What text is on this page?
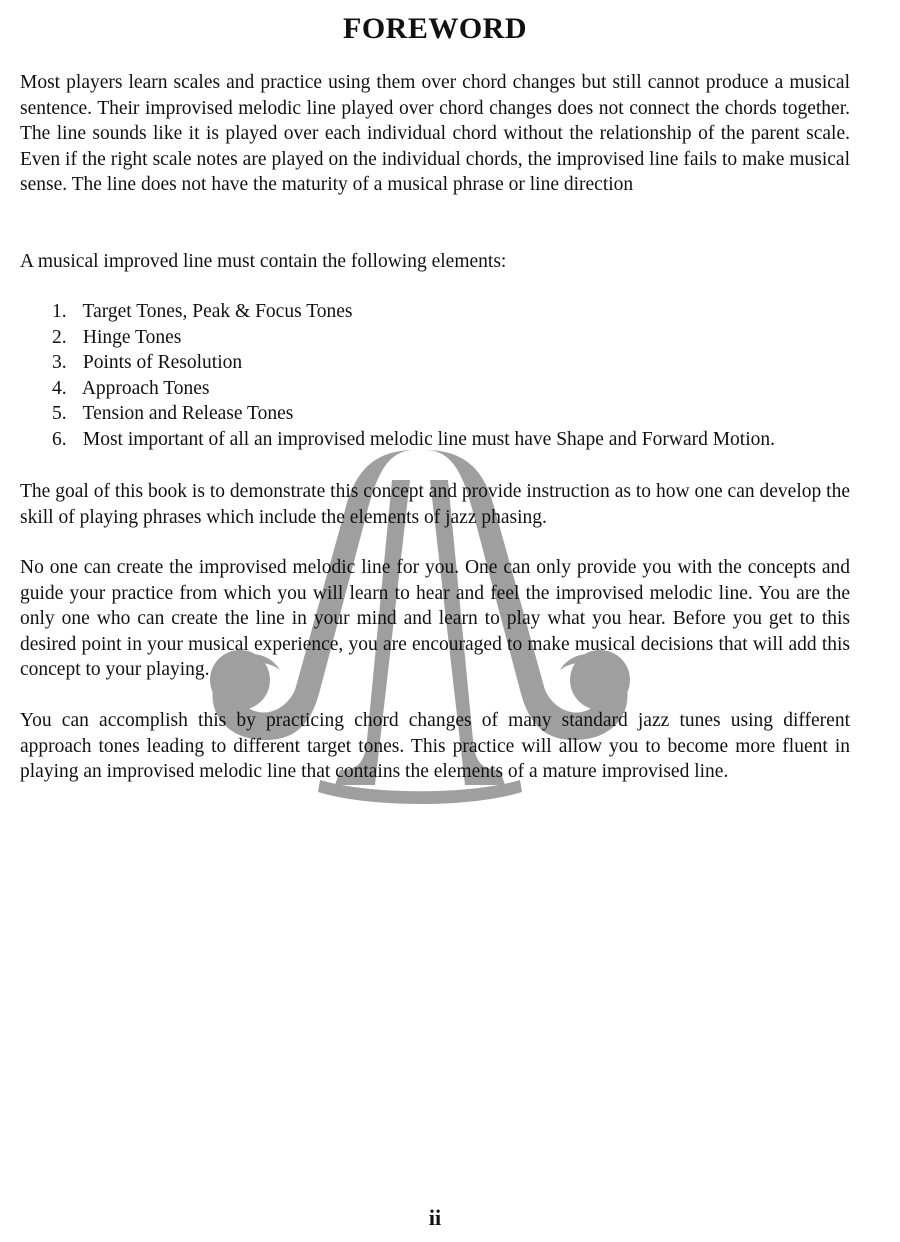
FOREWORD

Most players learn scales and practice using them over chord changes but still cannot produce a musical sentence. Their improvised melodic line played over chord changes does not connect the chords together. The line sounds like it is played over each individual chord without the relationship of the parent scale. Even if the right scale notes are played on the individual chords, the improvised line fails to make musical sense. The line does not have the maturity of a musical phrase or line direction

A musical improved line must contain the following elements:

1. Target Tones, Peak & Focus Tones
2. Hinge Tones
3. Points of Resolution
4. Approach Tones
5. Tension and Release Tones
6. Most important of all an improvised melodic line must have Shape and Forward Motion.

The goal of this book is to demonstrate this concept and provide instruction as to how one can develop the skill of playing phrases which include the elements of jazz phasing.

No one can create the improvised melodic line for you. One can only provide you with the concepts and guide your practice from which you will learn to hear and feel the improvised melodic line. You are the only one who can create the line in your mind and learn to play what you hear. Before you get to this desired point in your musical experience, you are encouraged to make musical decisions that will add this concept to your playing.

You can accomplish this by practicing chord changes of many standard jazz tunes using different approach tones leading to different target tones. This practice will allow you to become more fluent in playing an improvised melodic line that contains the elements of a mature improvised line.

ii
